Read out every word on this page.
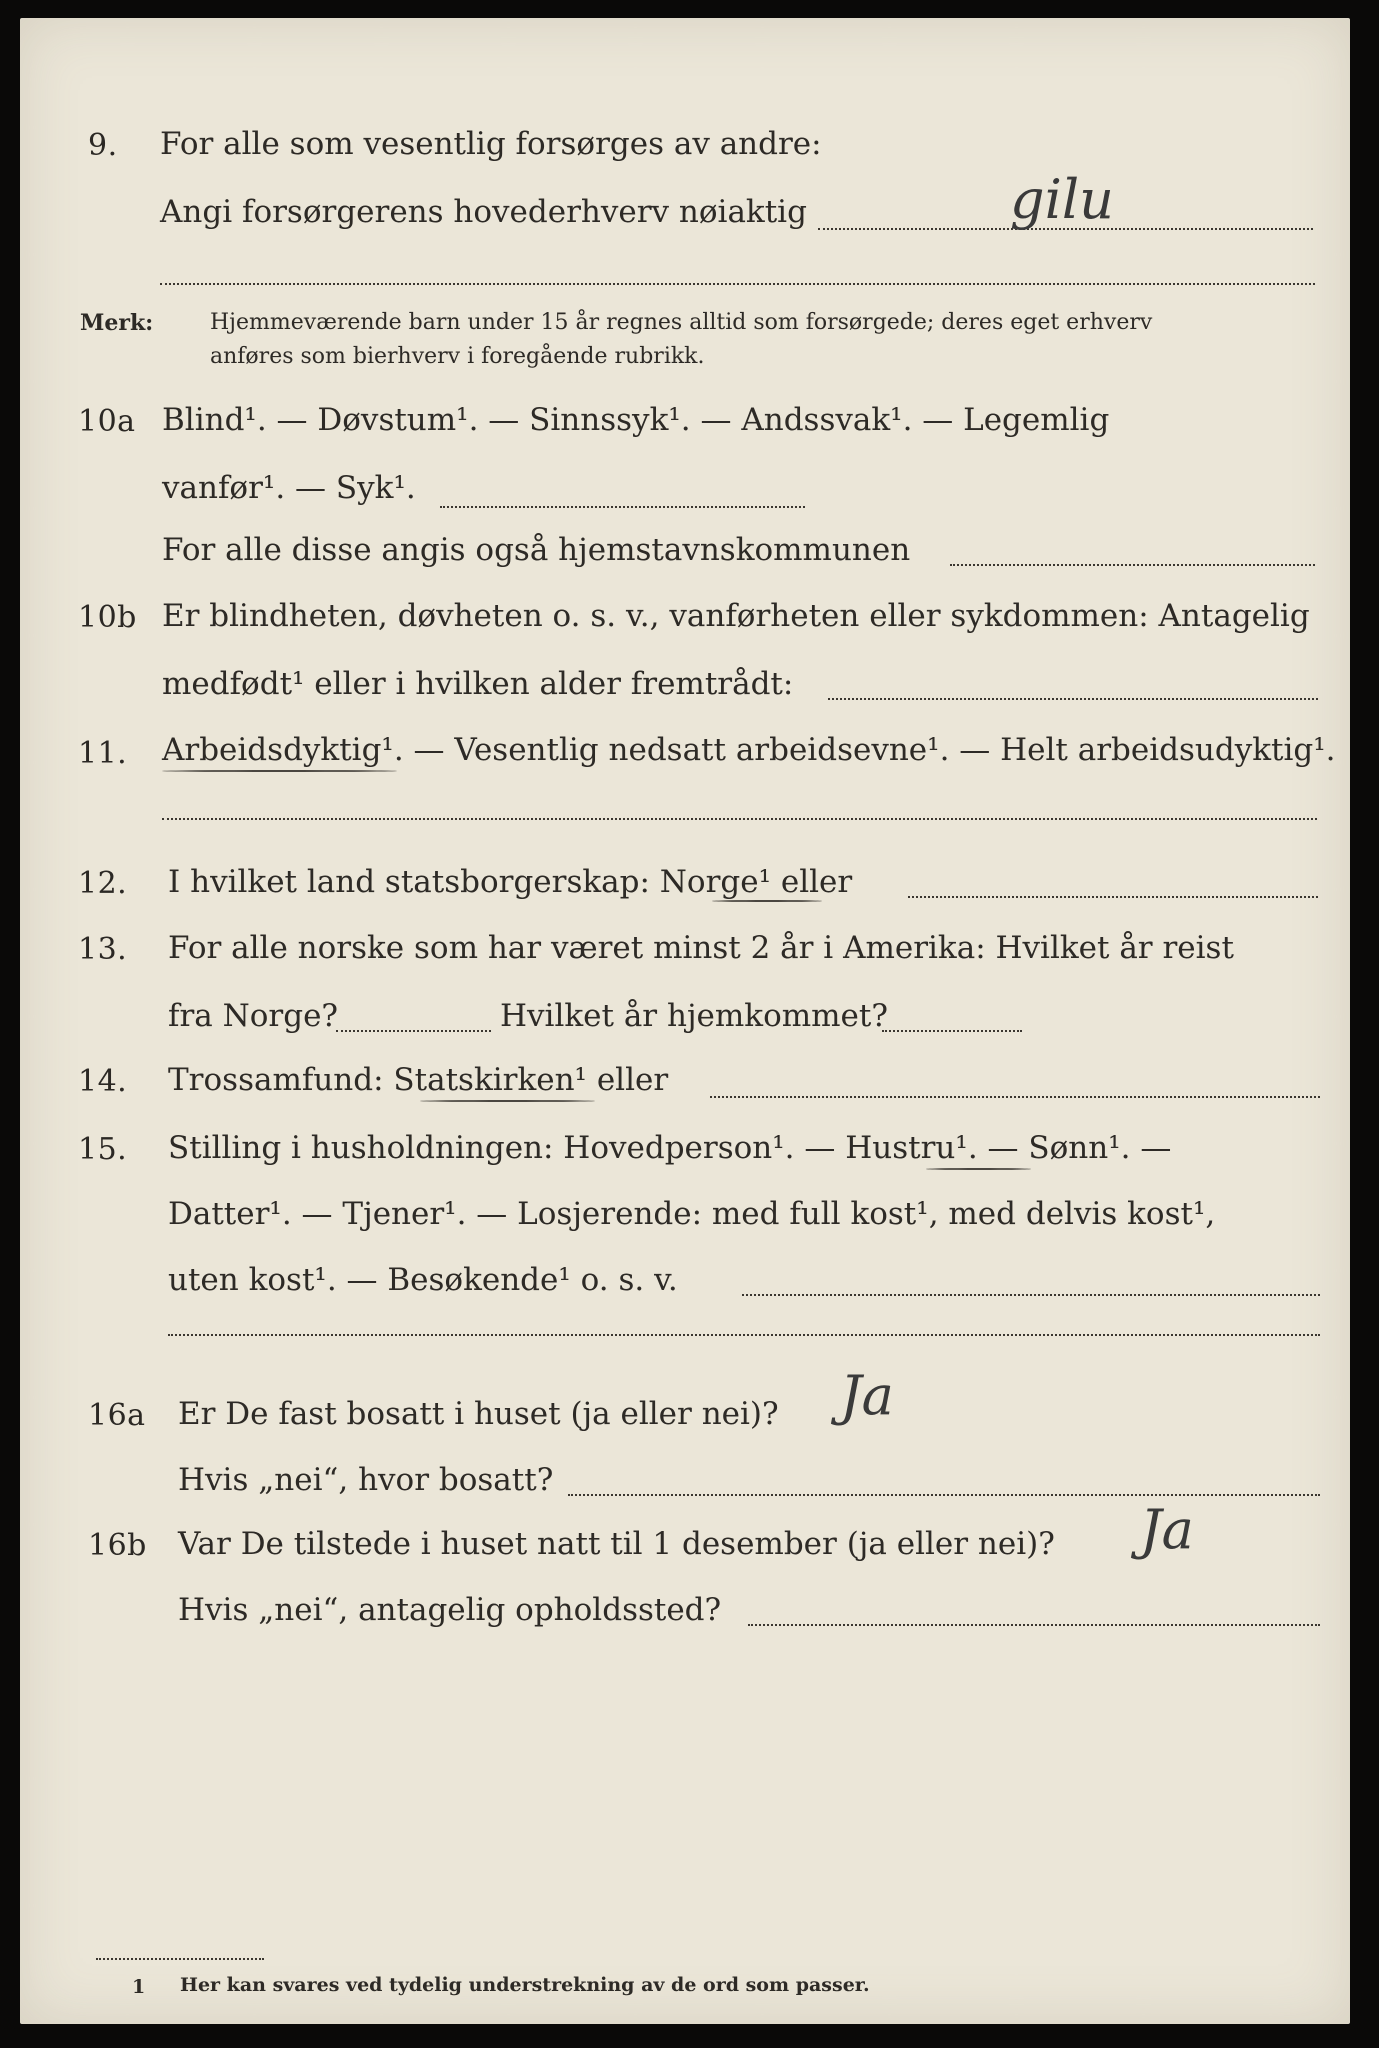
9. For alle som vesentlig forsørges av andre:
Angi forsørgerens hovederhverv nøiaktig	gilu
Merk:	Hjemmeværende barn under 15 år regnes alltid som forsørgede; deres eget erhverv
anføres som bierhverv i foregående rubrikk.
10a Blind¹. — Døvstum¹. — Sinnssyk¹. — Andssvak¹. — Legemlig
vanfør¹. — Syk¹.
For alle disse angis også hjemstavnskommunen
10b Er blindheten, døvheten o. s. v., vanførheten eller sykdommen: Antagelig
medfødt¹ eller i hvilken alder fremtrådt:
11. Arbeidsdyktig¹. — Vesentlig nedsatt arbeidsevne¹. — Helt arbeidsudyktig¹.
12. I hvilket land statsborgerskap: Norge¹ eller
13. For alle norske som har været minst 2 år i Amerika: Hvilket år reist
fra Norge?	Hvilket år hjemkommet?
14. Trossamfund: Statskirken¹ eller
15. Stilling i husholdningen: Hovedperson¹. — Hustru¹. — Sønn¹. —
Datter¹. — Tjener¹. — Losjerende: med full kost¹, med delvis kost¹,
uten kost¹. — Besøkende¹ o. s. v.
16a Er De fast bosatt i huset (ja eller nei)? Ja
Hvis „nei“, hvor bosatt?
16b Var De tilstede i huset natt til 1 desember (ja eller nei)? Ja
Hvis „nei“, antagelig opholdssted?
1 Her kan svares ved tydelig understrekning av de ord som passer.
